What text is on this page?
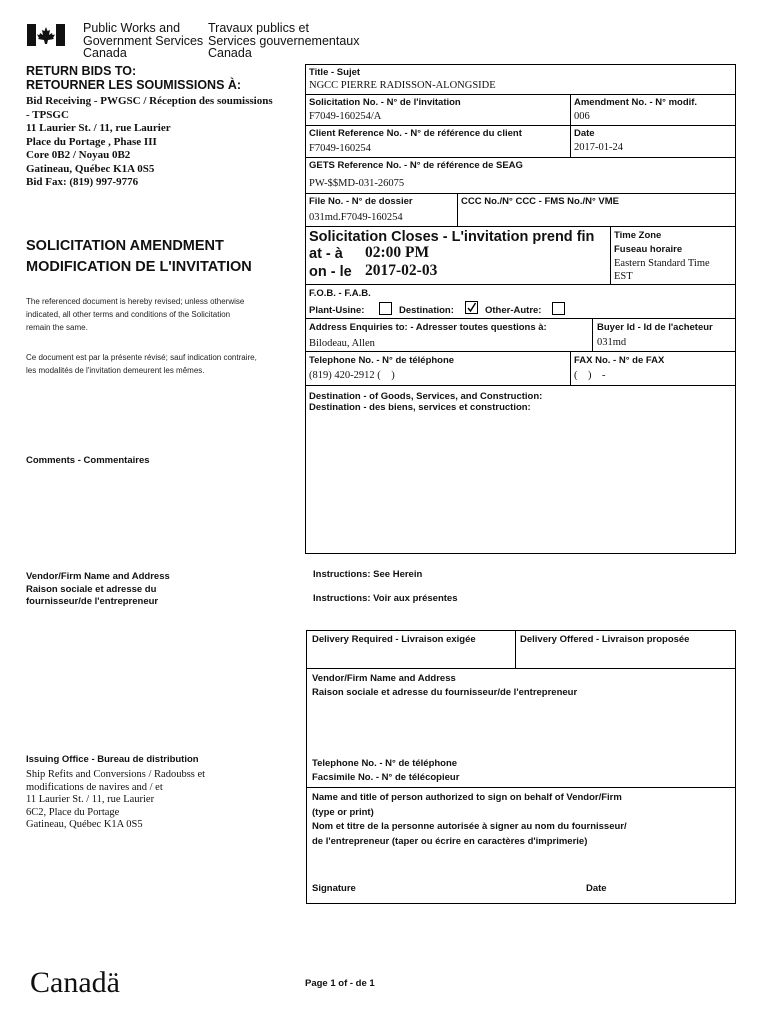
Public Works and
Government Services
Canada
Travaux publics et
Services gouvernementaux
Canada
RETURN BIDS TO:
RETOURNER LES SOUMISSIONS À:
Bid Receiving - PWGSC / Réception des soumissions
- TPSGC
11 Laurier St. / 11, rue Laurier
Place du Portage , Phase III
Core 0B2 / Noyau 0B2
Gatineau, Québec K1A 0S5
Bid Fax: (819) 997-9776
SOLICITATION AMENDMENT
MODIFICATION DE L'INVITATION
The referenced document is hereby revised; unless otherwise
indicated, all other terms and conditions of the Solicitation
remain the same.
Ce document est par la présente révisé; sauf indication contraire,
les modalités de l'invitation demeurent les mêmes.
Comments - Commentaires
Vendor/Firm Name and Address
Raison sociale et adresse du
fournisseur/de l'entrepreneur
Issuing Office - Bureau de distribution
Ship Refits and Conversions / Radoubss et
modifications de navires and / et
11 Laurier St. / 11, rue Laurier
6C2, Place du Portage
Gatineau, Québec K1A 0S5
Title - Sujet
NGCC PIERRE RADISSON-ALONGSIDE
Solicitation No. - N° de l'invitation
F7049-160254/A
Amendment No. - N° modif.
006
Client Reference No. - N° de référence du client
F7049-160254
Date
2017-01-24
GETS Reference No. - N° de référence de SEAG
PW-$$MD-031-26075
File No. - N° de dossier
031md.F7049-160254
CCC No./N° CCC - FMS No./N° VME
Solicitation Closes - L'invitation prend fin
at - à 02:00 PM
on - le 2017-02-03
Time Zone
Fuseau horaire
Eastern Standard Time
EST
F.O.B. - F.A.B.
Plant-Usine:	Destination:	Other-Autre:
Address Enquiries to: - Adresser toutes questions à:
Bilodeau, Allen
Buyer Id - Id de l'acheteur
031md
Telephone No. - N° de téléphone
(819) 420-2912 (    )
FAX No. - N° de FAX
(    )    -
Destination - of Goods, Services, and Construction:
Destination - des biens, services et construction:
Instructions: See Herein
Instructions: Voir aux présentes
Delivery Required - Livraison exigée	Delivery Offered - Livraison proposée
Vendor/Firm Name and Address
Raison sociale et adresse du fournisseur/de l'entrepreneur
Telephone No. - N° de téléphone
Facsimile No. - N° de télécopieur
Name and title of person authorized to sign on behalf of Vendor/Firm
(type or print)
Nom et titre de la personne autorisée à signer au nom du fournisseur/
de l'entrepreneur (taper ou écrire en caractères d'imprimerie)
Signature	Date
Canadä	Page 1 of - de 1
